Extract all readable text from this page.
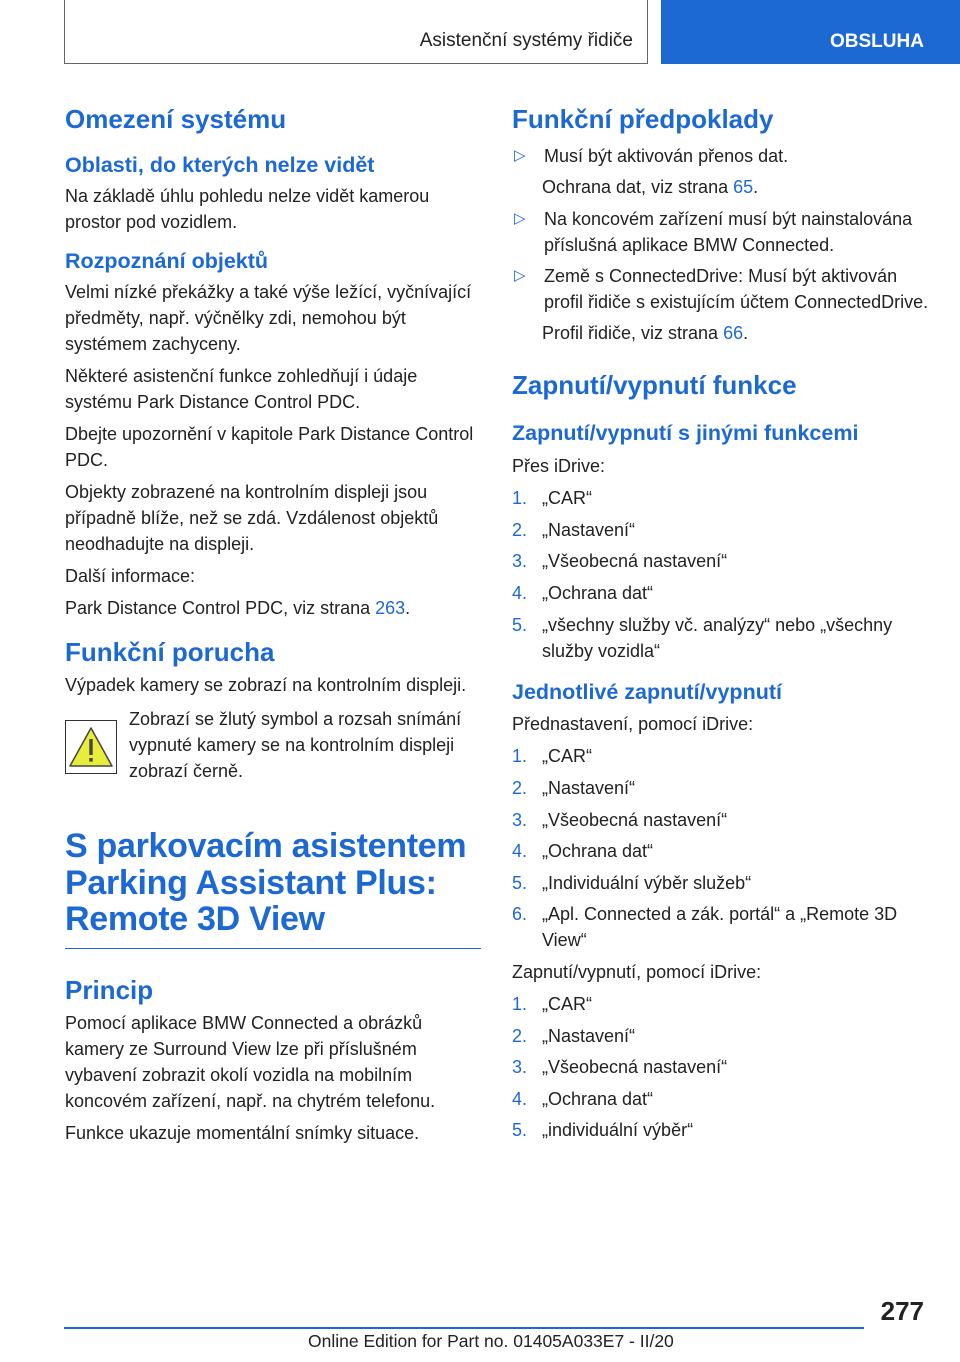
Asistenční systémy řidiče	OBSLUHA
Omezení systému
Oblasti, do kterých nelze vidět

Na základě úhlu pohledu nelze vidět kamerou prostor pod vozidlem.

Rozpoznání objektů

Velmi nízké překážky a také výše ležící, vyčnívající předměty, např. výčnělky zdi, nemohou být systémem zachyceny.

Některé asistenční funkce zohledňují i údaje systému Park Distance Control PDC.

Dbejte upozornění v kapitole Park Distance Control PDC.

Objekty zobrazené na kontrolním displeji jsou případně blíže, než se zdá. Vzdálenost objektů neodhadujte na displeji.

Další informace:

Park Distance Control PDC, viz strana 263.

Funkční porucha

Výpadek kamery se zobrazí na kontrolním displeji.

Zobrazí se žlutý symbol a rozsah snímání vypnuté kamery se na kontrolním displeji zobrazí černě.
S parkovacím asistentem Parking Assistant Plus: Remote 3D View
Princip

Pomocí aplikace BMW Connected a obrázků kamery ze Surround View lze při příslušném vybavení zobrazit okolí vozidla na mobilním koncovém zařízení, např. na chytrém telefonu.

Funkce ukazuje momentální snímky situace.

Funkční předpoklady
▷	Musí být aktivován přenos dat.
Ochrana dat, viz strana 65.
▷	Na koncovém zařízení musí být nainstalována příslušná aplikace BMW Connected.
▷	Země s ConnectedDrive: Musí být aktivován profil řidiče s existujícím účtem ConnectedDrive.
Profil řidiče, viz strana 66.
Zapnutí/vypnutí funkce
Zapnutí/vypnutí s jinými funkcemi

Přes iDrive:

1. „CAR“
2. „Nastavení“
3. „Všeobecná nastavení“
4. „Ochrana dat“
5. „všechny služby vč. analýzy“ nebo „všechny služby vozidla“
Jednotlivé zapnutí/vypnutí

Přednastavení, pomocí iDrive:

1. „CAR“
2. „Nastavení“
3. „Všeobecná nastavení“
4. „Ochrana dat“
5. „Individuální výběr služeb“
6. „Apl. Connected a zák. portál“ a „Remote 3D View“

Zapnutí/vypnutí, pomocí iDrive:

1. „CAR“
2. „Nastavení“
3. „Všeobecná nastavení“
4. „Ochrana dat“
5. „individuální výběr“
277
Online Edition for Part no. 01405A033E7 - II/20
